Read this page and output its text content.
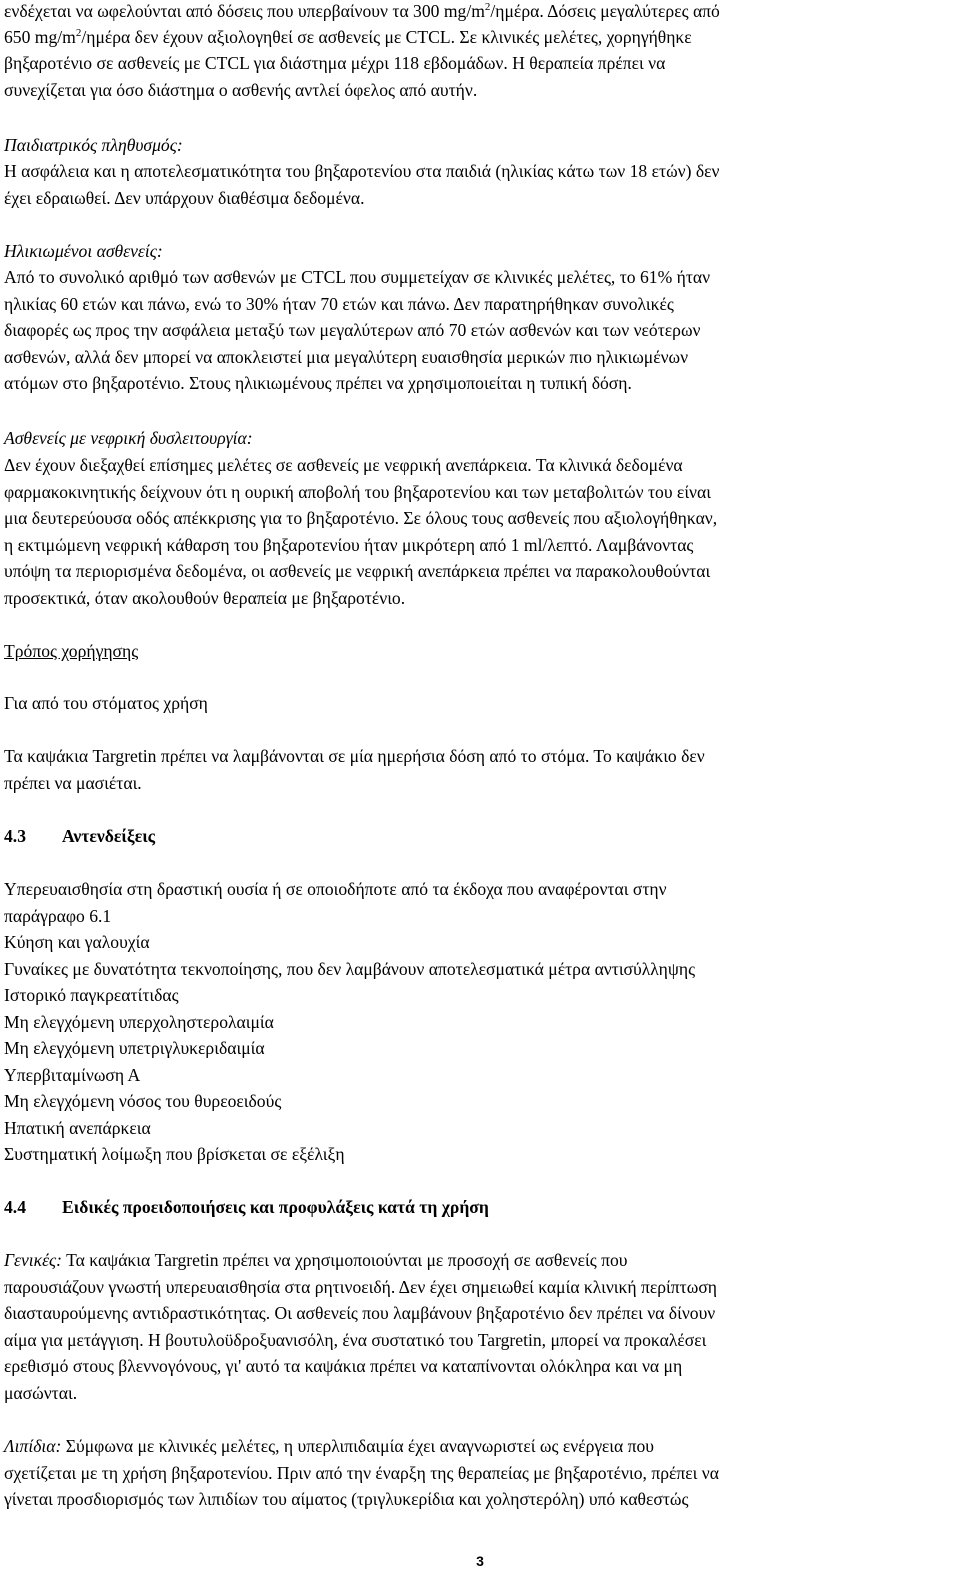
ενδέχεται να ωφελούνται από δόσεις που υπερβαίνουν τα 300 $mg/m^2$/ημέρα. Δόσεις μεγαλύτερες από
650 $mg/m^2$/ημέρα δεν έχουν αξιολογηθεί σε ασθενείς με CTCL. Σε κλινικές μελέτες, χορηγήθηκε
βηξαροτένιο σε ασθενείς με CTCL για διάστημα μέχρι 118 εβδομάδων. Η θεραπεία πρέπει να
συνεχίζεται για όσο διάστημα ο ασθενής αντλεί όφελος από αυτήν.
Παιδιατρικός πληθυσμός:
Η ασφάλεια και η αποτελεσματικότητα του βηξαροτενίου στα παιδιά (ηλικίας κάτω των 18 ετών) δεν
έχει εδραιωθεί. Δεν υπάρχουν διαθέσιμα δεδομένα.
Ηλικιωμένοι ασθενείς:
Από το συνολικό αριθμό των ασθενών με CTCL που συμμετείχαν σε κλινικές μελέτες, το 61% ήταν
ηλικίας 60 ετών και πάνω, ενώ το 30% ήταν 70 ετών και πάνω. Δεν παρατηρήθηκαν συνολικές
διαφορές ως προς την ασφάλεια μεταξύ των μεγαλύτερων από 70 ετών ασθενών και των νεότερων
ασθενών, αλλά δεν μπορεί να αποκλειστεί μια μεγαλύτερη ευαισθησία μερικών πιο ηλικιωμένων
ατόμων στο βηξαροτένιο. Στους ηλικιωμένους πρέπει να χρησιμοποιείται η τυπική δόση.
Ασθενείς με νεφρική δυσλειτουργία:
Δεν έχουν διεξαχθεί επίσημες μελέτες σε ασθενείς με νεφρική ανεπάρκεια. Τα κλινικά δεδομένα
φαρμακοκινητικής δείχνουν ότι η ουρική αποβολή του βηξαροτενίου και των μεταβολιτών του είναι
μια δευτερεύουσα οδός απέκκρισης για το βηξαροτένιο. Σε όλους τους ασθενείς που αξιολογήθηκαν,
η εκτιμώμενη νεφρική κάθαρση του βηξαροτενίου ήταν μικρότερη από 1 ml/λεπτό. Λαμβάνοντας
υπόψη τα περιορισμένα δεδομένα, οι ασθενείς με νεφρική ανεπάρκεια πρέπει να παρακολουθούνται
προσεκτικά, όταν ακολουθούν θεραπεία με βηξαροτένιο.
Τρόπος χορήγησης
Για από του στόματος χρήση
Τα καψάκια Targretin πρέπει να λαμβάνονται σε μία ημερήσια δόση από το στόμα. Το καψάκιο δεν
πρέπει να μασιέται.
4.3 Αντενδείξεις
Υπερευαισθησία στη δραστική ουσία ή σε οποιοδήποτε από τα έκδοχα που αναφέρονται στην
παράγραφο 6.1
Κύηση και γαλουχία
Γυναίκες με δυνατότητα τεκνοποίησης, που δεν λαμβάνουν αποτελεσματικά μέτρα αντισύλληψης
Ιστορικό παγκρεατίτιδας
Μη ελεγχόμενη υπερχοληστερολαιμία
Μη ελεγχόμενη υπετριγλυκεριδαιμία
Υπερβιταμίνωση Α
Μη ελεγχόμενη νόσος του θυρεοειδούς
Ηπατική ανεπάρκεια
Συστηματική λοίμωξη που βρίσκεται σε εξέλιξη
4.4 Ειδικές προειδοποιήσεις και προφυλάξεις κατά τη χρήση
Γενικές: Τα καψάκια Targretin πρέπει να χρησιμοποιούνται με προσοχή σε ασθενείς που
παρουσιάζουν γνωστή υπερευαισθησία στα ρητινοειδή. Δεν έχει σημειωθεί καμία κλινική περίπτωση
διασταυρούμενης αντιδραστικότητας. Οι ασθενείς που λαμβάνουν βηξαροτένιο δεν πρέπει να δίνουν
αίμα για μετάγγιση. Η βουτυλοϋδροξυανισόλη, ένα συστατικό του Targretin, μπορεί να προκαλέσει
ερεθισμό στους βλεννογόνους, γι' αυτό τα καψάκια πρέπει να καταπίνονται ολόκληρα και να μη
μασώνται.
Λιπίδια: Σύμφωνα με κλινικές μελέτες, η υπερλιπιδαιμία έχει αναγνωριστεί ως ενέργεια που
σχετίζεται με τη χρήση βηξαροτενίου. Πριν από την έναρξη της θεραπείας με βηξαροτένιο, πρέπει να
γίνεται προσδιορισμός των λιπιδίων του αίματος (τριγλυκερίδια και χοληστερόλη) υπό καθεστώς
3
